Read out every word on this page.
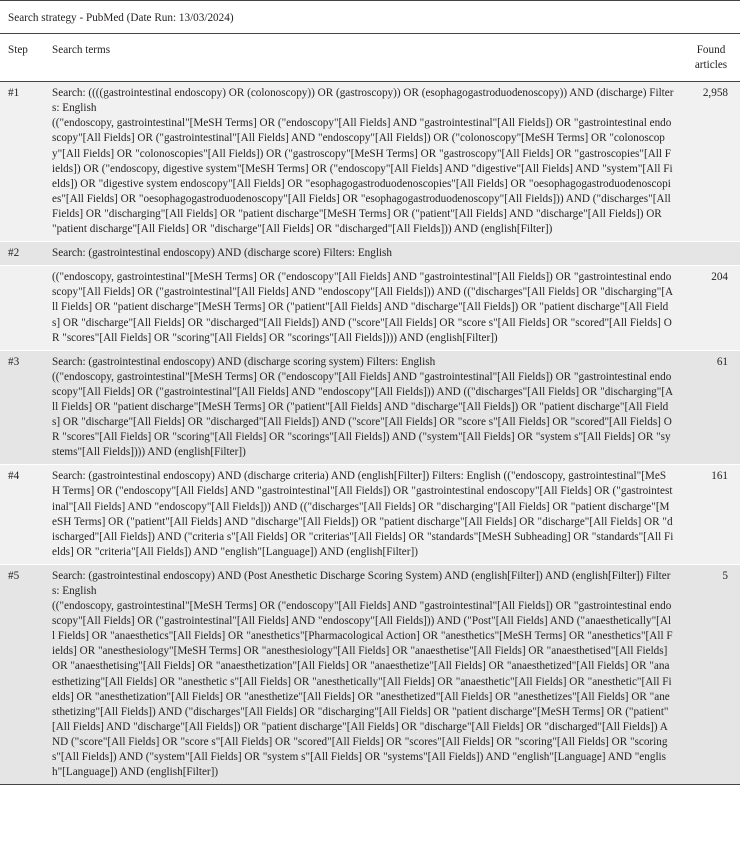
Search strategy - PubMed (Date Run: 13/03/2024)
Step	Search terms	Found articles
#1	Search: ((((gastrointestinal endoscopy) OR (colonoscopy)) OR (gastroscopy)) OR (esophagogastroduodenoscopy)) AND (discharge) Filters: English
(("endoscopy, gastrointestinal"[MeSH Terms] OR ("endoscopy"[All Fields] AND "gastrointestinal"[All Fields]) OR "gastrointestinal endoscopy"[All Fields] OR ("gastrointestinal"[All Fields] AND "endoscopy"[All Fields]) OR ("colonoscopy"[MeSH Terms] OR "colonoscopy"[All Fields] OR "colonoscopies"[All Fields]) OR ("gastroscopy"[MeSH Terms] OR "gastroscopy"[All Fields] OR "gastroscopies"[All Fields]) OR ("endoscopy, digestive system"[MeSH Terms] OR ("endoscopy"[All Fields] AND "digestive"[All Fields] AND "system"[All Fields]) OR "digestive system endoscopy"[All Fields] OR "esophagogastroduodenoscopies"[All Fields] OR "oesophagogastroduodenoscopies"[All Fields] OR "oesophagogastroduodenoscopy"[All Fields] OR "esophagogastroduodenoscopy"[All Fields])) AND ("discharges"[All Fields] OR "discharging"[All Fields] OR "patient discharge"[MeSH Terms] OR ("patient"[All Fields] AND "discharge"[All Fields]) OR "patient discharge"[All Fields] OR "discharge"[All Fields] OR "discharged"[All Fields])) AND (english[Filter])	2,958
#2	Search: (gastrointestinal endoscopy) AND (discharge score) Filters: English	
	(("endoscopy, gastrointestinal"[MeSH Terms] OR ("endoscopy"[All Fields] AND "gastrointestinal"[All Fields]) OR "gastrointestinal endoscopy"[All Fields] OR ("gastrointestinal"[All Fields] AND "endoscopy"[All Fields])) AND (("discharges"[All Fields] OR "discharging"[All Fields] OR "patient discharge"[MeSH Terms] OR ("patient"[All Fields] AND "discharge"[All Fields]) OR "patient discharge"[All Fields] OR "discharge"[All Fields] OR "discharged"[All Fields]) AND ("score"[All Fields] OR "score s"[All Fields] OR "scored"[All Fields] OR "scores"[All Fields] OR "scoring"[All Fields] OR "scorings"[All Fields]))) AND (english[Filter])	204
#3	Search: (gastrointestinal endoscopy) AND (discharge scoring system) Filters: English
(("endoscopy, gastrointestinal"[MeSH Terms] OR ("endoscopy"[All Fields] AND "gastrointestinal"[All Fields]) OR "gastrointestinal endoscopy"[All Fields] OR ("gastrointestinal"[All Fields] AND "endoscopy"[All Fields])) AND (("discharges"[All Fields] OR "discharging"[All Fields] OR "patient discharge"[MeSH Terms] OR ("patient"[All Fields] AND "discharge"[All Fields]) OR "patient discharge"[All Fields] OR "discharge"[All Fields] OR "discharged"[All Fields]) AND ("score"[All Fields] OR "score s"[All Fields] OR "scored"[All Fields] OR "scores"[All Fields] OR "scoring"[All Fields] OR "scorings"[All Fields]) AND ("system"[All Fields] OR "system s"[All Fields] OR "systems"[All Fields]))) AND (english[Filter])	61
#4	Search: (gastrointestinal endoscopy) AND (discharge criteria) AND (english[Filter]) Filters: English (("endoscopy, gastrointestinal"[MeSH Terms] OR ("endoscopy"[All Fields] AND "gastrointestinal"[All Fields]) OR "gastrointestinal endoscopy"[All Fields] OR ("gastrointestinal"[All Fields] AND "endoscopy"[All Fields])) AND (("discharges"[All Fields] OR "discharging"[All Fields] OR "patient discharge"[MeSH Terms] OR ("patient"[All Fields] AND "discharge"[All Fields]) OR "patient discharge"[All Fields] OR "discharge"[All Fields] OR "discharged"[All Fields]) AND ("criteria s"[All Fields] OR "criterias"[All Fields] OR "standards"[MeSH Subheading] OR "standards"[All Fields] OR "criteria"[All Fields]) AND "english"[Language]) AND (english[Filter])	161
#5	Search: (gastrointestinal endoscopy) AND (Post Anesthetic Discharge Scoring System) AND (english[Filter]) AND (english[Filter]) Filters: English
(("endoscopy, gastrointestinal"[MeSH Terms] OR ("endoscopy"[All Fields] AND "gastrointestinal"[All Fields]) OR "gastrointestinal endoscopy"[All Fields] OR ("gastrointestinal"[All Fields] AND "endoscopy"[All Fields])) AND ("Post"[All Fields] AND ("anaesthetically"[All Fields] OR "anaesthetics"[All Fields] OR "anesthetics"[Pharmacological Action] OR "anesthetics"[MeSH Terms] OR "anesthetics"[All Fields] OR "anesthesiology"[MeSH Terms] OR "anesthesiology"[All Fields] OR "anaesthetise"[All Fields] OR "anaesthetised"[All Fields] OR "anaesthetising"[All Fields] OR "anaesthetization"[All Fields] OR "anaesthetize"[All Fields] OR "anaesthetized"[All Fields] OR "anaesthetizing"[All Fields] OR "anesthetic s"[All Fields] OR "anesthetically"[All Fields] OR "anaesthetic"[All Fields] OR "anesthetic"[All Fields] OR "anesthetization"[All Fields] OR "anesthetize"[All Fields] OR "anesthetized"[All Fields] OR "anesthetizes"[All Fields] OR "anesthetizing"[All Fields]) AND ("discharges"[All Fields] OR "discharging"[All Fields] OR "patient discharge"[MeSH Terms] OR ("patient"[All Fields] AND "discharge"[All Fields]) OR "patient discharge"[All Fields] OR "discharge"[All Fields] OR "discharged"[All Fields]) AND ("score"[All Fields] OR "score s"[All Fields] OR "scored"[All Fields] OR "scores"[All Fields] OR "scoring"[All Fields] OR "scorings"[All Fields]) AND ("system"[All Fields] OR "system s"[All Fields] OR "systems"[All Fields]) AND "english"[Language] AND "english"[Language]) AND (english[Filter])	5
